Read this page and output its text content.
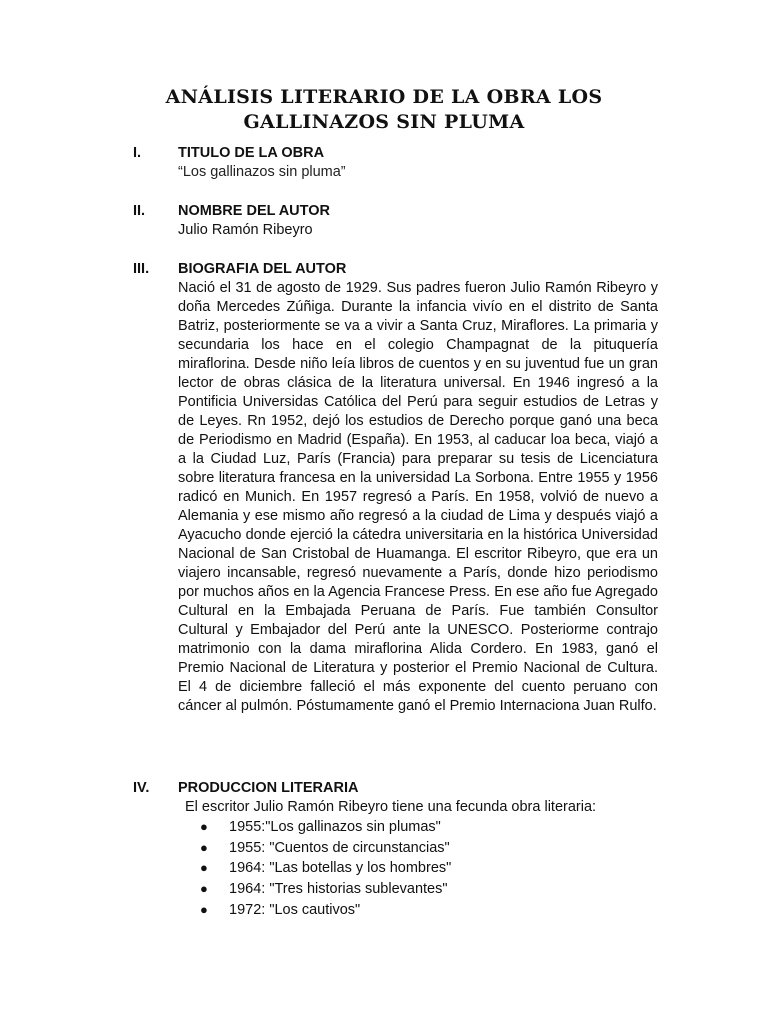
ANÁLISIS LITERARIO DE LA OBRA LOS GALLINAZOS SIN PLUMA
I.	TITULO DE LA OBRA

“Los gallinazos sin pluma”

II. NOMBRE DEL AUTOR

Julio Ramón Ribeyro

III. BIOGRAFIA DEL AUTOR

Nació el 31 de agosto de 1929. Sus padres fueron Julio Ramón Ribeyro y doña Mercedes Zúñiga. Durante la infancia vivío en el distrito de Santa Batriz, posteriormente se va a vivir a Santa Cruz, Miraflores. La primaria y secundaria los hace en el colegio Champagnat de la pituquería miraflorina. Desde niño leía libros de cuentos y en su juventud fue un gran lector de obras clásica de la literatura universal. En 1946 ingresó a la Pontificia Universidas Católica del Perú para seguir estudios de Letras y de Leyes. Rn 1952, dejó los estudios de Derecho porque ganó una beca de Periodismo en Madrid (España). En 1953, al caducar loa beca, viajó a a la Ciudad Luz, París (Francia) para preparar su tesis de Licenciatura sobre literatura francesa en la universidad La Sorbona. Entre 1955 y 1956 radicó en Munich. En 1957 regresó a París. En 1958, volvió de nuevo a Alemania y ese mismo año regresó a la ciudad de Lima y después viajó a Ayacucho donde ejerció la cátedra universitaria en la histórica Universidad Nacional de San Cristobal de Huamanga. El escritor Ribeyro, que era un viajero incansable, regresó nuevamente a París, donde hizo periodismo por muchos años en la Agencia Francese Press. En ese año fue Agregado Cultural en la Embajada Peruana de París. Fue también Consultor Cultural y Embajador del Perú ante la UNESCO. Posteriorme contrajo matrimonio con la dama miraflorina Alida Cordero. En 1983, ganó el Premio Nacional de Literatura y posterior el Premio Nacional de Cultura. El 4 de diciembre falleció el más exponente del cuento peruano con cáncer al pulmón. Póstumamente ganó el Premio Internaciona Juan Rulfo.

IV. PRODUCCION LITERARIA

El escritor Julio Ramón Ribeyro tiene una fecunda obra literaria:

● 1955:"Los gallinazos sin plumas"
● 1955: "Cuentos de circunstancias"
● 1964: "Las botellas y los hombres"
● 1964: "Tres historias sublevantes"
● 1972: "Los cautivos"
